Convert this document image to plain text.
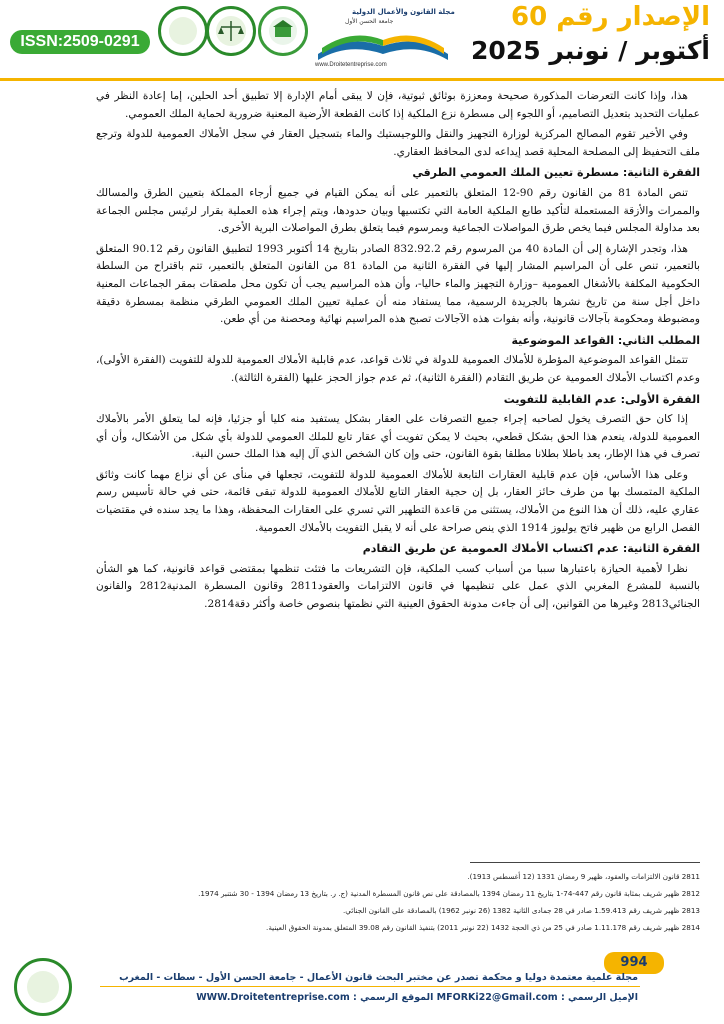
ISSN:2509-0291
مجلة القانون والأعمال الدولية
جامعة الحسن الأول
www.Droitetentreprise.com
الإصدار رقم 60
أكتوبر / نونبر 2025

هذا، وإذا كانت التعرضات المذكورة صحيحة ومعززة بوثائق ثبوتية، فإن لا يبقى أمام الإدارة إلا تطبيق أحد الحلين، إما إعادة النظر في عمليات التحديد بتعديل التصاميم، أو اللجوء إلى مسطرة نزع الملكية إذا كانت القطعة الأرضية المعنية ضرورية لحماية الملك العمومي.

وفي الأخير تقوم المصالح المركزية لوزارة التجهيز والنقل واللوجيستيك والماء بتسجيل العقار في سجل الأملاك العمومية للدولة وترجع ملف التحفيظ إلى المصلحة المحلية قصد إيداعه لدى المحافظ العقاري.

الفقرة الثانية: مسطرة تعيين الملك العمومي الطرقي

تنص المادة 81 من القانون رقم 90-12 المتعلق بالتعمير على أنه يمكن القيام في جميع أرجاء المملكة بتعيين الطرق والمسالك والممرات والأزقة المستعملة لتأكيد طابع الملكية العامة التي تكتسيها وبيان حدودها، ويتم إجراء هذه العملية بقرار لرئيس مجلس الجماعة بعد مداولة المجلس فيما يخص طرق المواصلات الجماعية وبمرسوم فيما يتعلق بطرق المواصلات البرية الأخرى.

هذا، وتجدر الإشارة إلى أن المادة 40 من المرسوم رقم 832.92.2 الصادر بتاريخ 14 أكتوبر 1993 لتطبيق القانون رقم 90.12 المتعلق بالتعمير، تنص على أن المراسيم المشار إليها في الفقرة الثانية من المادة 81 من القانون المتعلق بالتعمير، تتم باقتراح من السلطة الحكومية المكلفة بالأشغال العمومية –وزارة التجهيز والماء حاليا-، وأن هذه المراسيم يجب أن تكون محل ملصقات بمقر الجماعات المعنية داخل أجل سنة من تاريخ نشرها بالجريدة الرسمية، مما يستفاد منه أن عملية تعيين الملك العمومي الطرقي منظمة بمسطرة دقيقة ومضبوطة ومحكومة بآجالات قانونية، وأنه بفوات هذه الآجالات تصبح هذه المراسيم نهائية ومحصنة من أي طعن.

المطلب الثاني: القواعد الموضوعية

تتمثل القواعد الموضوعية المؤطرة للأملاك العمومية للدولة في ثلاث قواعد، عدم قابلية الأملاك العمومية للدولة للتفويت (الفقرة الأولى)، وعدم اكتساب الأملاك العمومية عن طريق التقادم (الفقرة الثانية)، ثم عدم جواز الحجز عليها (الفقرة الثالثة).

الفقرة الأولى: عدم القابلية للتفويت

إذا كان حق التصرف يخول لصاحبه إجراء جميع التصرفات على العقار بشكل يستفيد منه كليا أو جزئيا، فإنه لما يتعلق الأمر بالأملاك العمومية للدولة، ينعدم هذا الحق بشكل قطعي، بحيث لا يمكن تفويت أي عقار تابع للملك العمومي للدولة بأي شكل من الأشكال، وأن أي تصرف في هذا الإطار، يعد باطلا بطلانا مطلقا بقوة القانون، حتى وإن كان الشخص الذي آل إليه هذا الملك حسن النية.

وعلى هذا الأساس، فإن عدم قابلية العقارات التابعة للأملاك العمومية للدولة للتفويت، تجعلها في منأى عن أي نزاع مهما كانت وثائق الملكية المتمسك بها من طرف حائز العقار، بل إن حجية العقار التابع للأملاك العمومية للدولة تبقى قائمة، حتى في حالة تأسيس رسم عقاري عليه، ذلك أن هذا النوع من الأملاك، يستثنى من قاعدة التطهير التي تسري على العقارات المحفظة، وهذا ما يجد سنده في مقتضيات الفصل الرابع من ظهير فاتح يوليوز 1914 الذي ينص صراحة على أنه لا يقبل التفويت بالأملاك العمومية.

الفقرة الثانية: عدم اكتساب الأملاك العمومية عن طريق التقادم

نظرا لأهمية الحيازة باعتبارها سببا من أسباب كسب الملكية، فإن التشريعات ما فتئت تنظمها بمقتضى قواعد قانونية، كما هو الشأن بالنسبة للمشرع المغربي الذي عمل على تنظيمها في قانون الالتزامات والعقود2811 وقانون المسطرة المدنية2812 والقانون الجنائي2813 وغيرها من القوانين، إلى أن جاءت مدونة الحقوق العينية التي نظمتها بنصوص خاصة وأكثر دقة2814.

2811 قانون الالتزامات والعقود، ظهير 9 رمضان 1331 (12 أغسطس 1913).
2812 ظهير شريف بمثابة قانون رقم 447-74-1 بتاريخ 11 رمضان 1394 بالمصادقة على نص قانون المسطرة المدنية (ج. ر. بتاريخ 13 رمضان 1394 - 30 شتنبر 1974.
2813 ظهير شريف رقم 1.59.413 صادر في 28 جمادى الثانية 1382 (26 نونبر 1962) بالمصادقة على القانون الجنائي.
2814 ظهير شريف رقم 1.11.178 صادر في 25 من ذي الحجة 1432 (22 نونبر 2011) بتنفيذ القانون رقم 39.08 المتعلق بمدونة الحقوق العينية.
994
مجلة علمية معتمدة دوليا و محكمة تصدر عن مختبر البحث قانون الأعمال - جامعة الحسن الأول - سطات - المغرب
الإميل الرسمي : MFORKi22@Gmail.com الموقع الرسمي : WWW.Droitetentreprise.com
